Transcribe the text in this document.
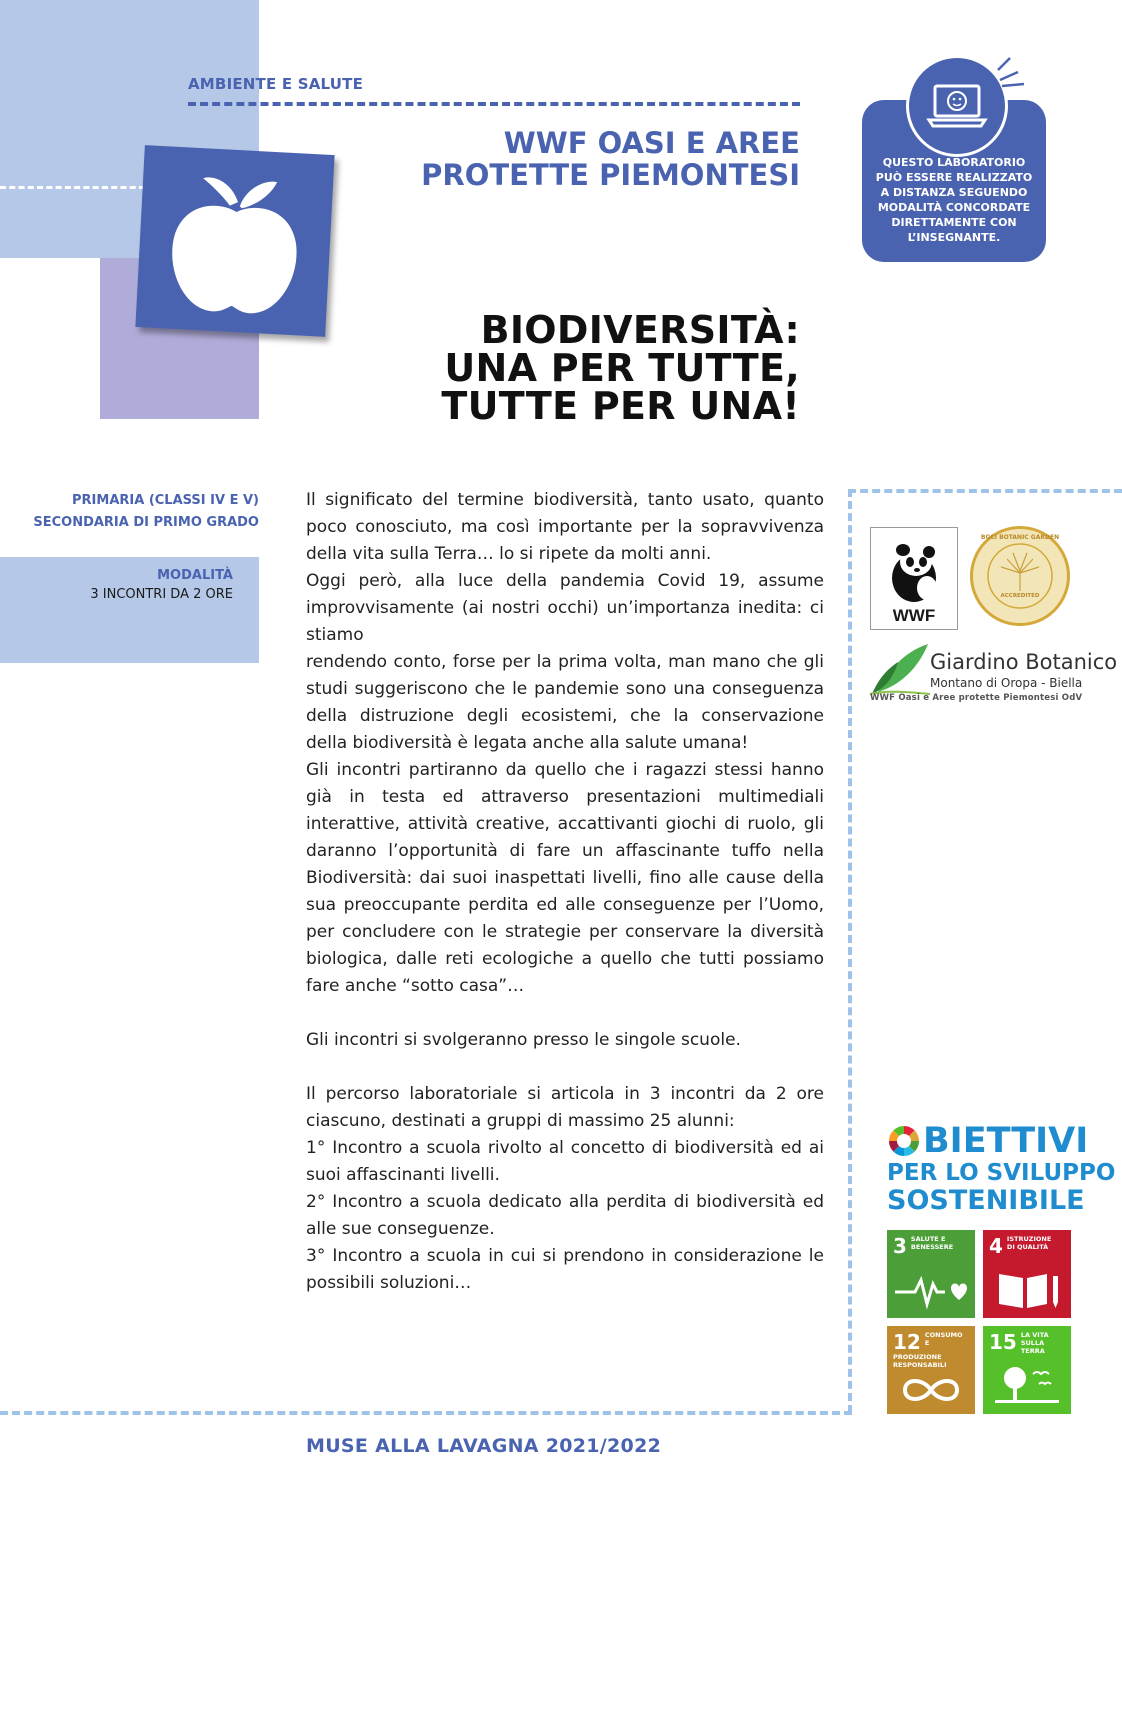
AMBIENTE E SALUTE
WWF OASI E AREE
PROTETTE PIEMONTESI	QUESTO LABORATORIO
PUÒ ESSERE REALIZZATO
A DISTANZA SEGUENDO
MODALITÀ CONCORDATE
DIRETTAMENTE CON
L’INSEGNANTE.
BIODIVERSITÀ:
UNA PER TUTTE,
TUTTE PER UNA!
PRIMARIA (CLASSI IV E V)
SECONDARIA DI PRIMO GRADO
MODALITÀ
3 INCONTRI DA 2 ORE

Il significato del termine biodiversità, tanto usato, quanto poco conosciuto, ma così importante per la sopravvivenza della vita sulla Terra… lo si ripete da molti anni.

Oggi però, alla luce della pandemia Covid 19, assume improvvisamente (ai nostri occhi) un’importanza inedita: ci stiamo

rendendo conto, forse per la prima volta, man mano che gli studi suggeriscono che le pandemie sono una conseguenza della distruzione degli ecosistemi, che la conservazione della biodiversità è legata anche alla salute umana!

Gli incontri partiranno da quello che i ragazzi stessi hanno già in testa ed attraverso presentazioni multimediali interattive, attività creative, accattivanti giochi di ruolo, gli daranno l’opportunità di fare un affascinante tuffo nella Biodiversità: dai suoi inaspettati livelli, fino alle cause della sua preoccupante perdita ed alle conseguenze per l’Uomo, per concludere con le strategie per conservare la diversità biologica, dalle reti ecologiche a quello che tutti possiamo fare anche “sotto casa”…

Gli incontri si svolgeranno presso le singole scuole.

Il percorso laboratoriale si articola in 3 incontri da 2 ore ciascuno, destinati a gruppi di massimo 25 alunni:

1° Incontro a scuola rivolto al concetto di biodiversità ed ai suoi affascinanti livelli.

2° Incontro a scuola dedicato alla perdita di biodiversità ed alle sue conseguenze.

3° Incontro a scuola in cui si prendono in considerazione le possibili soluzioni…

MUSE ALLA LAVAGNA 2021/2022
WWF
BGCI BOTANIC GARDEN
ACCREDITED
Giardino Botanico
Montano di Oropa - Biella
WWF Oasi e Aree protette Piemontesi OdV
BIETTIVI
PER LO SVILUPPO
SOSTENIBILE
3 SALUTE E
BENESSERE	4 ISTRUZIONE
DI QUALITÀ
12 CONSUMO E
PRODUZIONE
RESPONSABILI
15 LA VITA
SULLA TERRA
